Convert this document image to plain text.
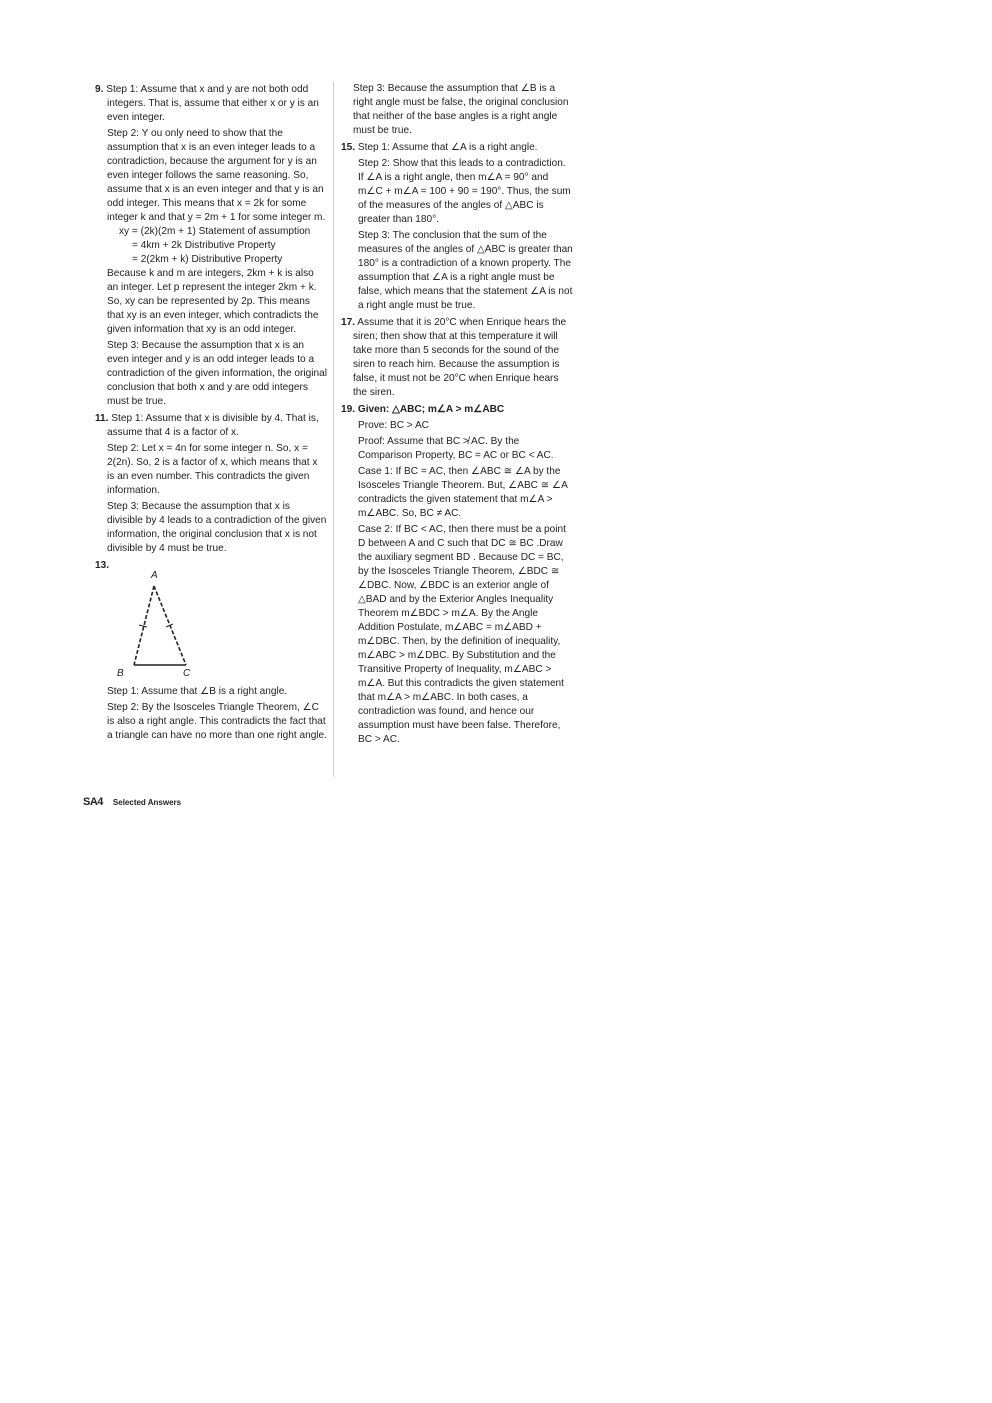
9. Step 1: Assume that x and y are not both odd integers. That is, assume that either x or y is an even integer.

Step 2: Y ou only need to show that the assumption that x is an even integer leads to a contradiction, because the argument for y is an even integer follows the same reasoning. So, assume that x is an even integer and that y is an odd integer. This means that x = 2k for some integer k and that y = 2m + 1 for some integer m.

xy = (2k)(2m + 1) Statement of assumption

= 4km + 2k Distributive Property

= 2(2km + k) Distributive Property

Because k and m are integers, 2km + k is also an integer. Let p represent the integer 2km + k. So, xy can be represented by 2p. This means that xy is an even integer, which contradicts the given information that xy is an odd integer.

Step 3: Because the assumption that x is an even integer and y is an odd integer leads to a contradiction of the given information, the original conclusion that both x and y are odd integers must be true.

11. Step 1: Assume that x is divisible by 4. That is, assume that 4 is a factor of x.

Step 2: Let x = 4n for some integer n. So, x = 2(2n). So, 2 is a factor of x, which means that x is an even number. This contradicts the given information.

Step 3: Because the assumption that x is divisible by 4 leads to a contradiction of the given information, the original conclusion that x is not divisible by 4 must be true.

13.

A
B	C

Step 1: Assume that ∠B is a right angle.

Step 2: By the Isosceles Triangle Theorem, ∠C is also a right angle. This contradicts the fact that a triangle can have no more than one right angle.

Step 3: Because the assumption that ∠B is a right angle must be false, the original conclusion that neither of the base angles is a right angle must be true.

15. Step 1: Assume that ∠A is a right angle.

Step 2: Show that this leads to a contradiction. If ∠A is a right angle, then m∠A = 90° and m∠C + m∠A = 100 + 90 = 190°. Thus, the sum of the measures of the angles of △ABC is greater than 180°.

Step 3: The conclusion that the sum of the measures of the angles of △ABC is greater than 180° is a contradiction of a known property. The assumption that ∠A is a right angle must be false, which means that the statement ∠A is not a right angle must be true.

17. Assume that it is 20°C when Enrique hears the siren; then show that at this temperature it will take more than 5 seconds for the sound of the siren to reach him. Because the assumption is false, it must not be 20°C when Enrique hears the siren.

19. Given: △ABC; m∠A > m∠ABC

Prove: BC > AC

Proof: Assume that BC ≯ AC. By the Comparison Property, BC = AC or BC < AC.

Case 1: If BC = AC, then ∠ABC ≅ ∠A by the Isosceles Triangle Theorem. But, ∠ABC ≅ ∠A contradicts the given statement that m∠A > m∠ABC. So, BC ≠ AC.

Case 2: If BC < AC, then there must be a point D between A and C such that DC ≅ BC .Draw the auxiliary segment BD . Because DC = BC, by the Isosceles Triangle Theorem, ∠BDC ≅ ∠DBC. Now, ∠BDC is an exterior angle of △BAD and by the Exterior Angles Inequality Theorem m∠BDC > m∠A. By the Angle Addition Postulate, m∠ABC = m∠ABD + m∠DBC. Then, by the definition of inequality, m∠ABC > m∠DBC. By Substitution and the Transitive Property of Inequality, m∠ABC > m∠A. But this contradicts the given statement that m∠A > m∠ABC. In both cases, a contradiction was found, and hence our assumption must have been false. Therefore, BC > AC.

SA4 Selected Answers
